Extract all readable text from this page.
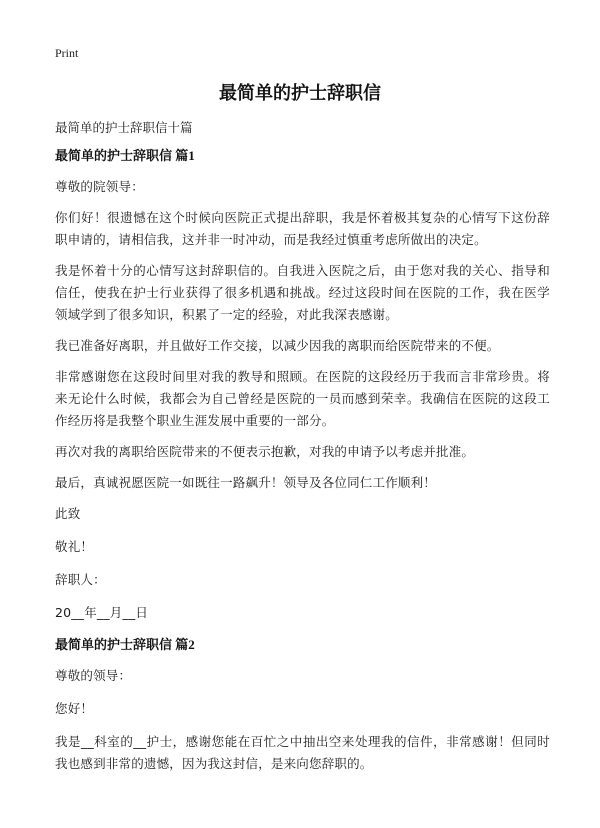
Print
最简单的护士辞职信

最简单的护士辞职信十篇

最简单的护士辞职信 篇1

尊敬的院领导：

你们好！很遗憾在这个时候向医院正式提出辞职，我是怀着极其复杂的心情写下这份辞职申请的，请相信我，这并非一时冲动，而是我经过慎重考虑所做出的决定。

我是怀着十分的心情写这封辞职信的。自我进入医院之后，由于您对我的关心、指导和信任，使我在护士行业获得了很多机遇和挑战。经过这段时间在医院的工作，我在医学领域学到了很多知识，积累了一定的经验，对此我深表感谢。

我已准备好离职，并且做好工作交接，以减少因我的离职而给医院带来的不便。

非常感谢您在这段时间里对我的教导和照顾。在医院的这段经历于我而言非常珍贵。将来无论什么时候，我都会为自己曾经是医院的一员而感到荣幸。我确信在医院的这段工作经历将是我整个职业生涯发展中重要的一部分。

再次对我的离职给医院带来的不便表示抱歉，对我的申请予以考虑并批准。

最后，真诚祝愿医院一如既往一路飙升！领导及各位同仁工作顺利！

此致

敬礼！

辞职人：

20__年__月__日

最简单的护士辞职信 篇2

尊敬的领导：

您好！

我是__科室的__护士，感谢您能在百忙之中抽出空来处理我的信件，非常感谢！但同时我也感到非常的遗憾，因为我这封信，是来向您辞职的。
